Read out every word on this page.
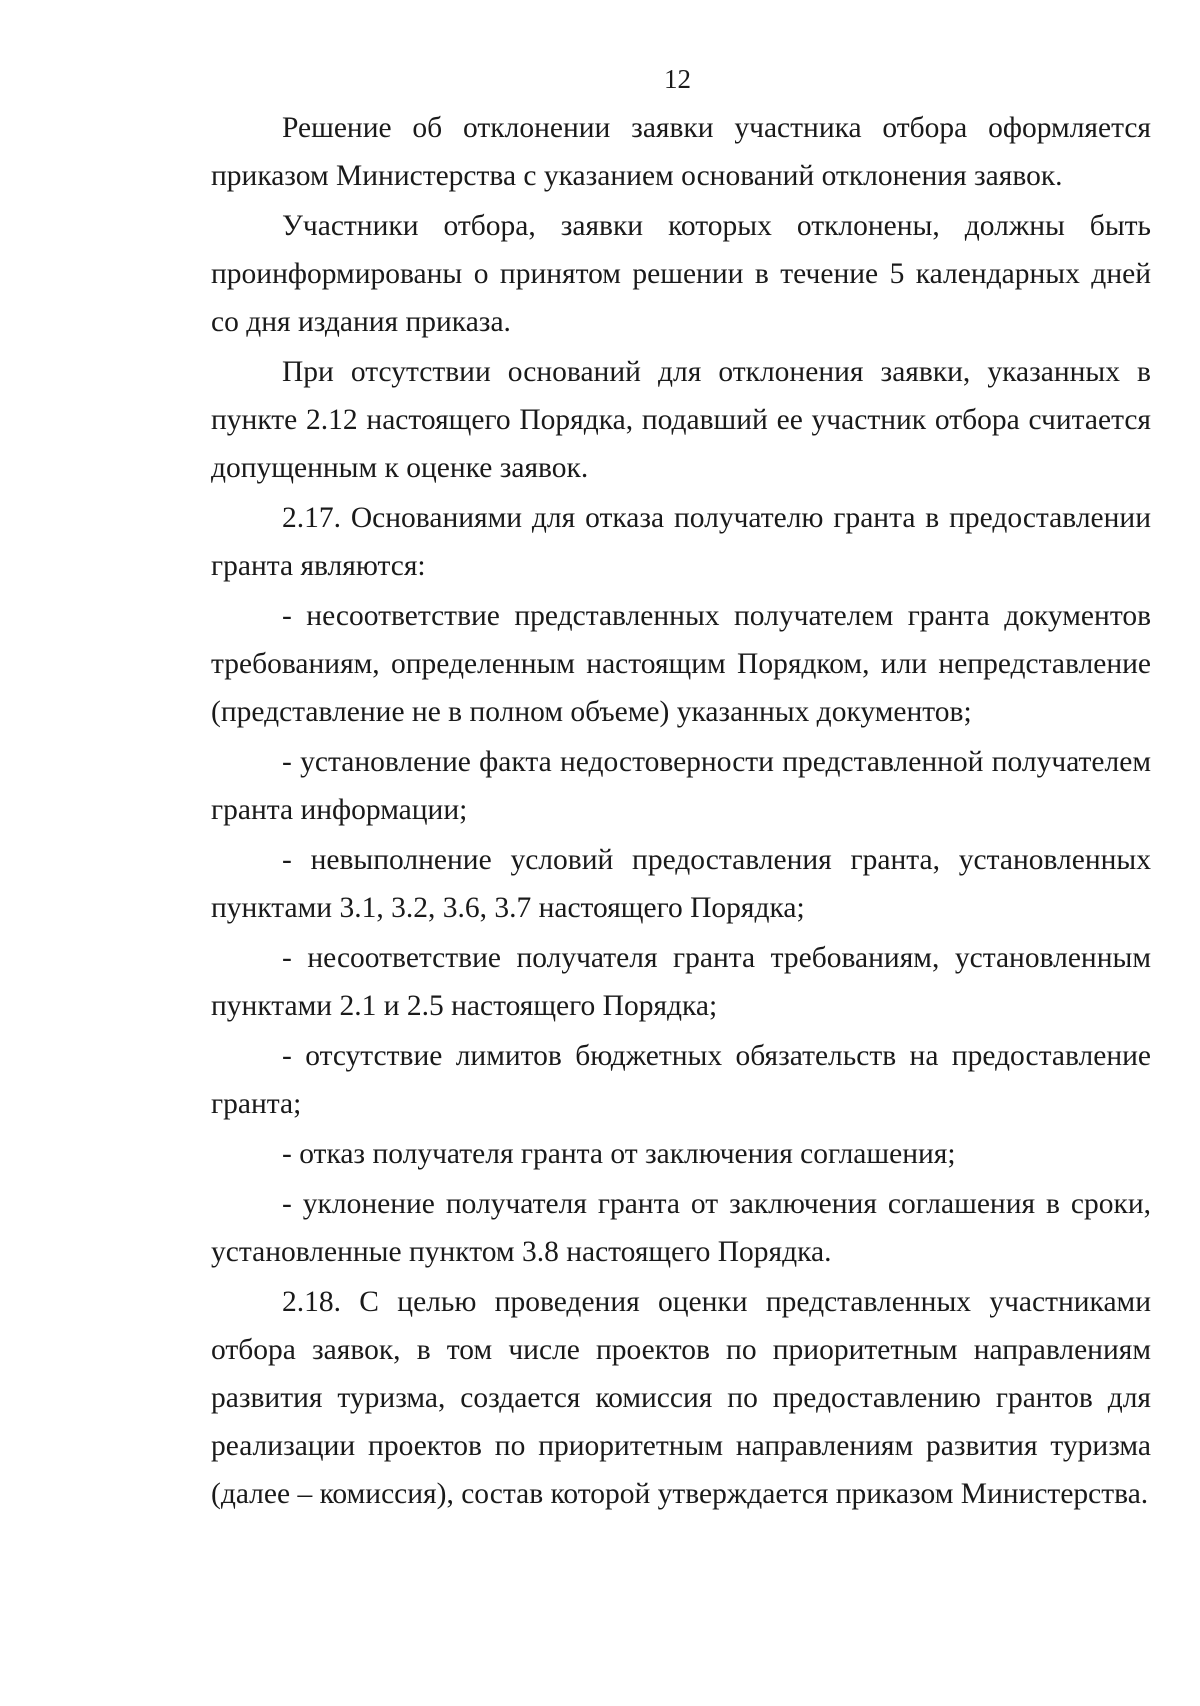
12

Решение об отклонении заявки участника отбора оформляется приказом Министерства с указанием оснований отклонения заявок.

Участники отбора, заявки которых отклонены, должны быть проинформированы о принятом решении в течение 5 календарных дней со дня издания приказа.

При отсутствии оснований для отклонения заявки, указанных в пункте 2.12 настоящего Порядка, подавший ее участник отбора считается допущенным к оценке заявок.

2.17. Основаниями для отказа получателю гранта в предоставлении гранта являются:

- несоответствие представленных получателем гранта документов требованиям, определенным настоящим Порядком, или непредставление (представление не в полном объеме) указанных документов;

- установление факта недостоверности представленной получателем гранта информации;

- невыполнение условий предоставления гранта, установленных пунктами 3.1, 3.2, 3.6, 3.7 настоящего Порядка;

- несоответствие получателя гранта требованиям, установленным пунктами 2.1 и 2.5 настоящего Порядка;

- отсутствие лимитов бюджетных обязательств на предоставление гранта;

- отказ получателя гранта от заключения соглашения;

- уклонение получателя гранта от заключения соглашения в сроки, установленные пунктом 3.8 настоящего Порядка.

2.18. С целью проведения оценки представленных участниками отбора заявок, в том числе проектов по приоритетным направлениям развития туризма, создается комиссия по предоставлению грантов для реализации проектов по приоритетным направлениям развития туризма (далее – комиссия), состав которой утверждается приказом Министерства.
